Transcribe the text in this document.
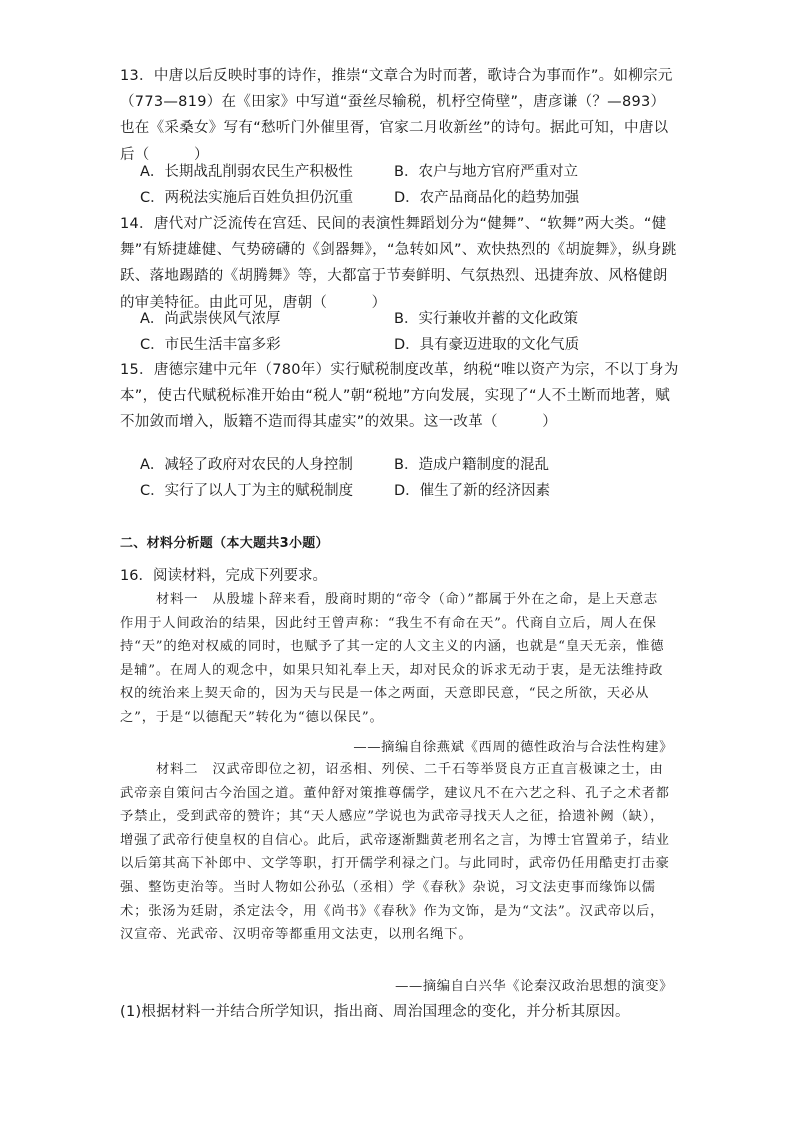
13．中唐以后反映时事的诗作，推崇“文章合为时而著，歌诗合为事而作”。如柳宗元（773—819）在《田家》中写道“蚕丝尽输税，机杼空倚壁”，唐彦谦（？—893）也在《采桑女》写有“愁听门外催里胥，官家二月收新丝”的诗句。据此可知，中唐以后（　　　）

A．长期战乱削弱农民生产积极性	B．农户与地方官府严重对立
C．两税法实施后百姓负担仍沉重	D．农产品商品化的趋势加强

14．唐代对广泛流传在宫廷、民间的表演性舞蹈划分为“健舞”、“软舞”两大类。“健舞”有矫捷雄健、气势磅礴的《剑器舞》，“急转如风”、欢快热烈的《胡旋舞》，纵身跳跃、落地踢踏的《胡腾舞》等，大都富于节奏鲜明、气氛热烈、迅捷奔放、风格健朗的审美特征。由此可见，唐朝（　　　）

A．尚武崇侠风气浓厚	B．实行兼收并蓄的文化政策
C．市民生活丰富多彩	D．具有豪迈进取的文化气质

15．唐德宗建中元年（780年）实行赋税制度改革，纳税“唯以资产为宗，不以丁身为本”，使古代赋税标准开始由“税人”朝“税地”方向发展，实现了“人不土断而地著，赋不加敛而增入，版籍不造而得其虚实”的效果。这一改革（　　　）

A．减轻了政府对农民的人身控制	B．造成户籍制度的混乱
C．实行了以人丁为主的赋税制度	D．催生了新的经济因素
二、材料分析题（本大题共3小题）
16．阅读材料，完成下列要求。

材料一　从殷墟卜辞来看，殷商时期的“帝令（命）”都属于外在之命，是上天意志作用于人间政治的结果，因此纣王曾声称：“我生不有命在天”。代商自立后，周人在保持“天”的绝对权威的同时，也赋予了其一定的人文主义的内涵，也就是“皇天无亲，惟德是辅”。在周人的观念中，如果只知礼奉上天，却对民众的诉求无动于衷，是无法维持政权的统治来上契天命的，因为天与民是一体之两面，天意即民意，“民之所欲，天必从之”，于是“以德配天”转化为“德以保民”。

——摘编自徐燕斌《西周的德性政治与合法性构建》

材料二　汉武帝即位之初，诏丞相、列侯、二千石等举贤良方正直言极谏之士，由武帝亲自策问古今治国之道。董仲舒对策推尊儒学，建议凡不在六艺之科、孔子之术者都予禁止，受到武帝的赞许；其“天人感应”学说也为武帝寻找天人之征，拾遗补阙（缺），增强了武帝行使皇权的自信心。此后，武帝逐渐黜黄老刑名之言，为博士官置弟子，结业以后第其高下补郎中、文学等职，打开儒学利禄之门。与此同时，武帝仍任用酷吏打击豪强、整饬吏治等。当时人物如公孙弘（丞相）学《春秋》杂说，习文法吏事而缘饰以儒术；张汤为廷尉，杀定法令，用《尚书》《春秋》作为文饰，是为“文法”。汉武帝以后，汉宣帝、光武帝、汉明帝等都重用文法吏，以刑名绳下。

——摘编自白兴华《论秦汉政治思想的演变》
(1)根据材料一并结合所学知识，指出商、周治国理念的变化，并分析其原因。
